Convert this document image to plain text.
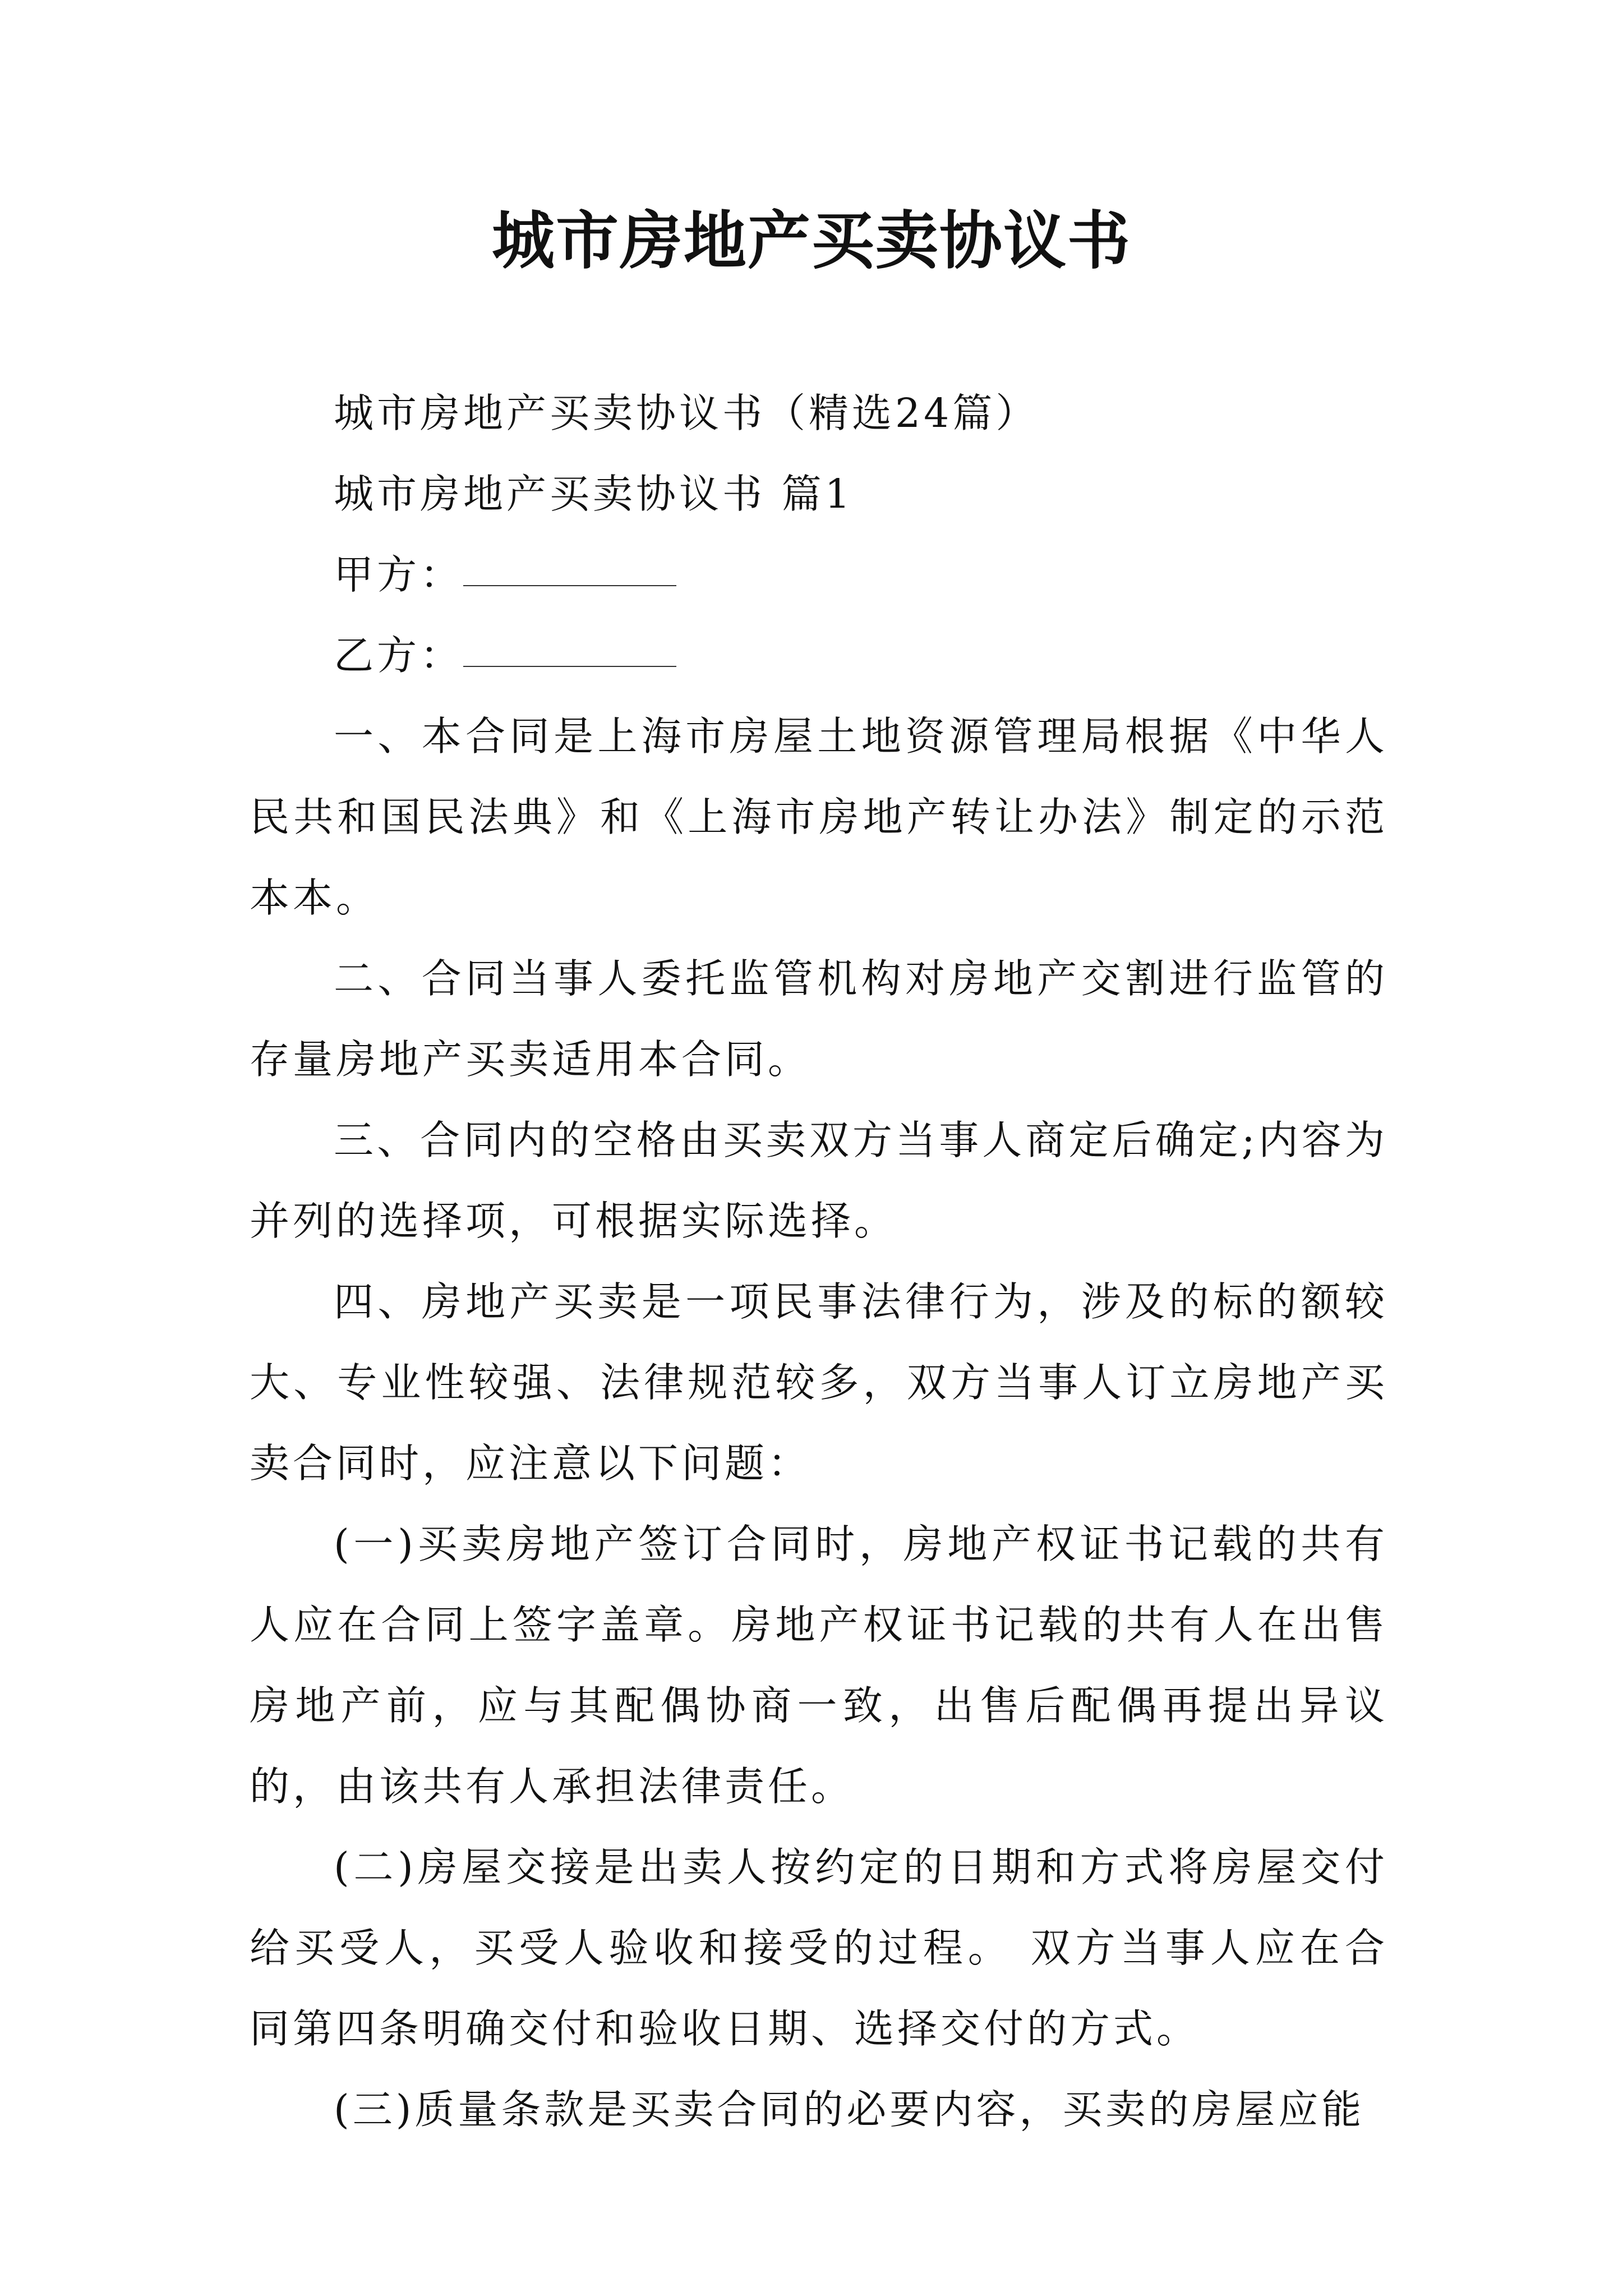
城市房地产买卖协议书

城市房地产买卖协议书（精选24篇）

城市房地产买卖协议书 篇1

甲方：

乙方：

一、本合同是上海市房屋土地资源管理局根据《中华人民共和国民法典》和《上海市房地产转让办法》制定的示范本本。

二、合同当事人委托监管机构对房地产交割进行监管的存量房地产买卖适用本合同。

三、合同内的空格由买卖双方当事人商定后确定;内容为并列的选择项，可根据实际选择。

四、房地产买卖是一项民事法律行为，涉及的标的额较大、专业性较强、法律规范较多，双方当事人订立房地产买卖合同时，应注意以下问题：

(一)买卖房地产签订合同时，房地产权证书记载的共有人应在合同上签字盖章。房地产权证书记载的共有人在出售房地产前，应与其配偶协商一致，出售后配偶再提出异议的，由该共有人承担法律责任。

(二)房屋交接是出卖人按约定的日期和方式将房屋交付给买受人，买受人验收和接受的过程。 双方当事人应在合同第四条明确交付和验收日期、选择交付的方式。

(三)质量条款是买卖合同的必要内容，买卖的房屋应能
